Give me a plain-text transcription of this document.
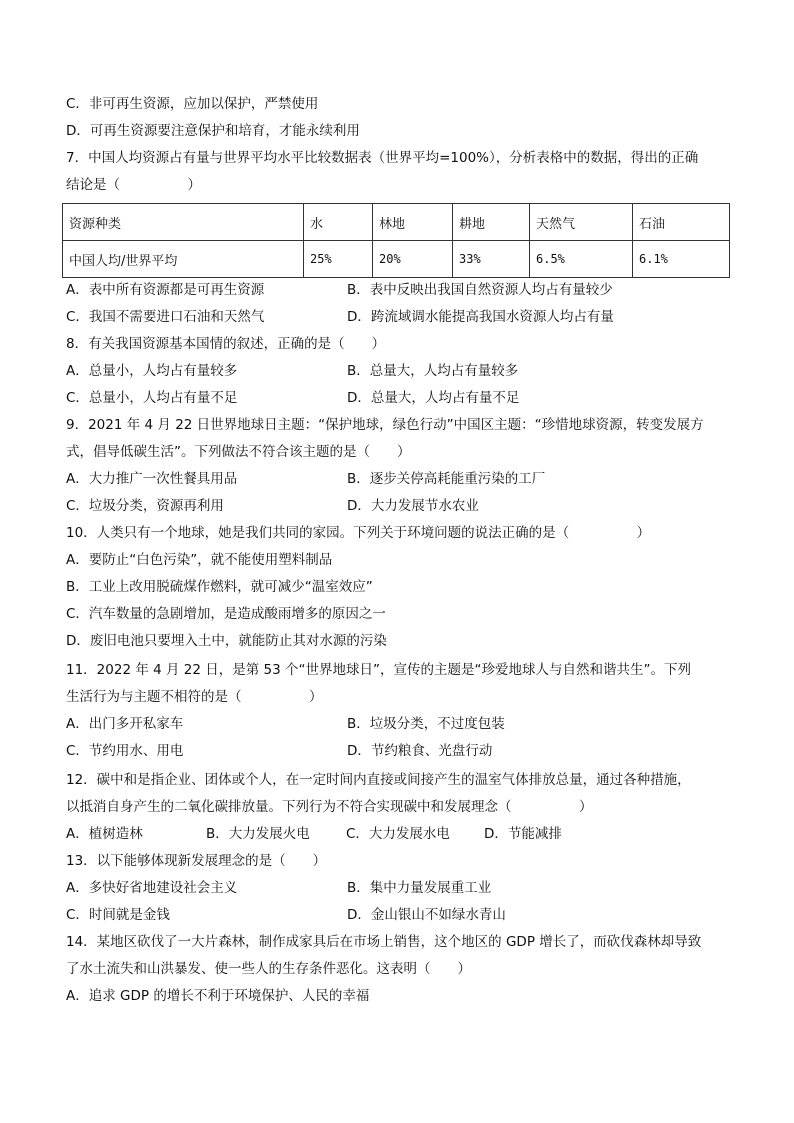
C．非可再生资源，应加以保护，严禁使用
D．可再生资源要注意保护和培育，才能永续利用
7．中国人均资源占有量与世界平均水平比较数据表（世界平均=100%），分析表格中的数据，得出的正确
结论是（　　　　　）
资源种类	水	林地	耕地	天然气	石油
中国人均/世界平均	25%	20%	33%	6.5%	6.1%
A．表中所有资源都是可再生资源	B．表中反映出我国自然资源人均占有量较少
C．我国不需要进口石油和天然气	D．跨流域调水能提高我国水资源人均占有量
8．有关我国资源基本国情的叙述，正确的是（　　）
A．总量小，人均占有量较多	B．总量大，人均占有量较多
C．总量小，人均占有量不足	D．总量大，人均占有量不足
9．2021 年 4 月 22 日世界地球日主题：“保护地球，绿色行动”中国区主题：“珍惜地球资源，转变发展方
式，倡导低碳生活”。下列做法不符合该主题的是（　　）
A．大力推广一次性餐具用品	B．逐步关停高耗能重污染的工厂
C．垃圾分类，资源再利用	D．大力发展节水农业
10．人类只有一个地球，她是我们共同的家园。下列关于环境问题的说法正确的是（　　　　　）
A．要防止“白色污染”，就不能使用塑料制品
B．工业上改用脱硫煤作燃料，就可减少“温室效应”
C．汽车数量的急剧增加，是造成酸雨增多的原因之一
D．废旧电池只要埋入土中，就能防止其对水源的污染
11．2022 年 4 月 22 日，是第 53 个“世界地球日”，宣传的主题是“珍爱地球人与自然和谐共生”。下列
生活行为与主题不相符的是（　　　　　）
A．出门多开私家车	B．垃圾分类，不过度包装
C．节约用水、用电	D．节约粮食、光盘行动
12．碳中和是指企业、团体或个人，在一定时间内直接或间接产生的温室气体排放总量，通过各种措施，
以抵消自身产生的二氧化碳排放量。下列行为不符合实现碳中和发展理念（　　　　　）
A．植树造林	B．大力发展火电	C．大力发展水电	D．节能减排
13．以下能够体现新发展理念的是（　　）
A．多快好省地建设社会主义	B．集中力量发展重工业
C．时间就是金钱	D．金山银山不如绿水青山
14．某地区砍伐了一大片森林，制作成家具后在市场上销售，这个地区的 GDP 增长了，而砍伐森林却导致
了水土流失和山洪暴发、使一些人的生存条件恶化。这表明（　　）
A．追求 GDP 的增长不利于环境保护、人民的幸福
